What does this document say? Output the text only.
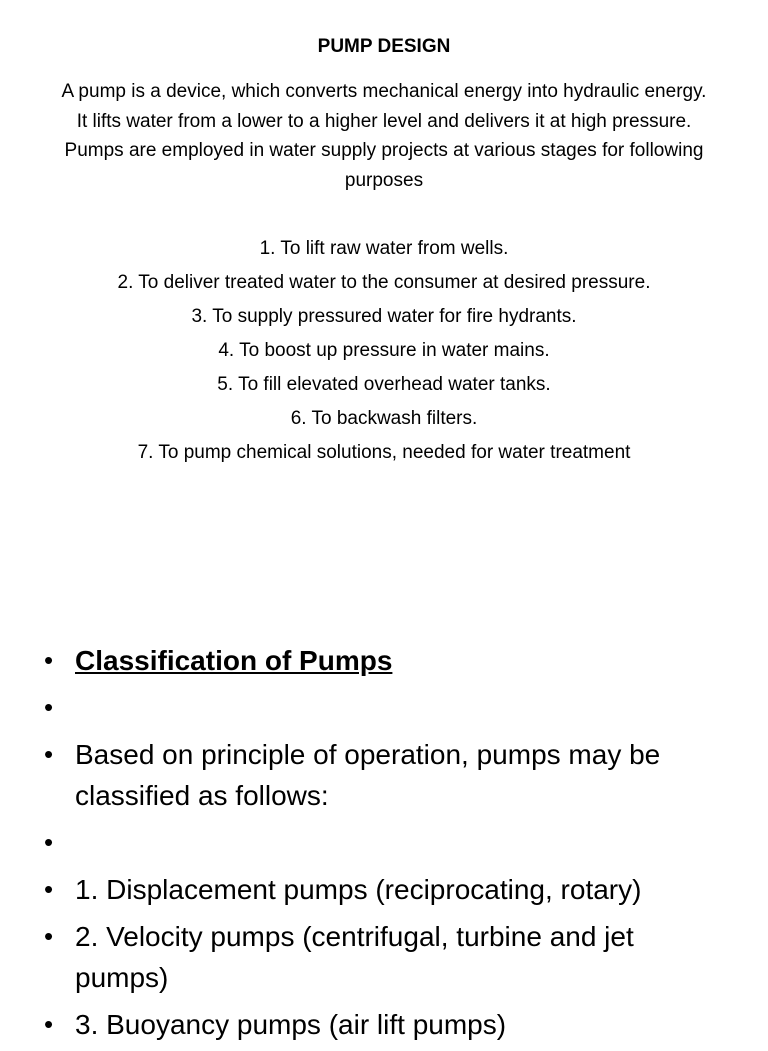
PUMP DESIGN
A pump is a device, which converts mechanical energy into hydraulic energy. It lifts water from a lower to a higher level and delivers it at high pressure. Pumps are employed in water supply projects at various stages for following purposes
1. To lift raw water from wells.
2. To deliver treated water to the consumer at desired pressure.
3. To supply pressured water for fire hydrants.
4. To boost up pressure in water mains.
5. To fill elevated overhead water tanks.
6. To backwash filters.
7. To pump chemical solutions, needed for water treatment
• Classification of Pumps
•
• Based on principle of operation, pumps may be classified as follows:
•
• 1. Displacement pumps (reciprocating, rotary)
• 2. Velocity pumps (centrifugal, turbine and jet pumps)
• 3. Buoyancy pumps (air lift pumps)
